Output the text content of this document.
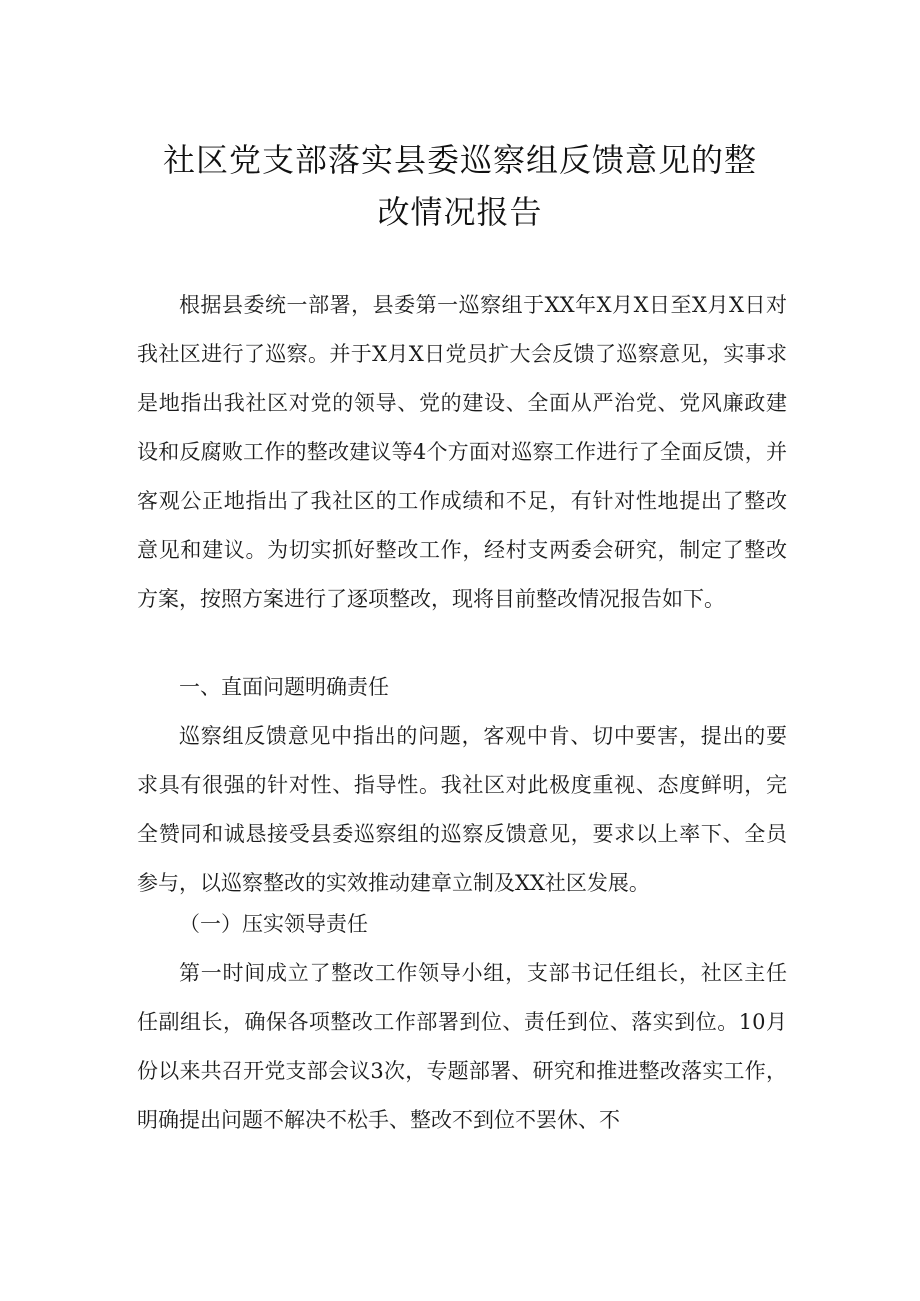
社区党支部落实县委巡察组反馈意见的整
改情况报告

根据县委统一部署，县委第一巡察组于XX年X月X日至X月X日对我社区进行了巡察。并于X月X日党员扩大会反馈了巡察意见，实事求是地指出我社区对党的领导、党的建设、全面从严治党、党风廉政建设和反腐败工作的整改建议等4个方面对巡察工作进行了全面反馈，并客观公正地指出了我社区的工作成绩和不足，有针对性地提出了整改意见和建议。为切实抓好整改工作，经村支两委会研究，制定了整改方案，按照方案进行了逐项整改，现将目前整改情况报告如下。

一、直面问题明确责任

巡察组反馈意见中指出的问题，客观中肯、切中要害，提出的要求具有很强的针对性、指导性。我社区对此极度重视、态度鲜明，完全赞同和诚恳接受县委巡察组的巡察反馈意见，要求以上率下、全员参与，以巡察整改的实效推动建章立制及XX社区发展。

（一）压实领导责任

第一时间成立了整改工作领导小组，支部书记任组长，社区主任任副组长，确保各项整改工作部署到位、责任到位、落实到位。10月份以来共召开党支部会议3次，专题部署、研究和推进整改落实工作，明确提出问题不解决不松手、整改不到位不罢休、不
